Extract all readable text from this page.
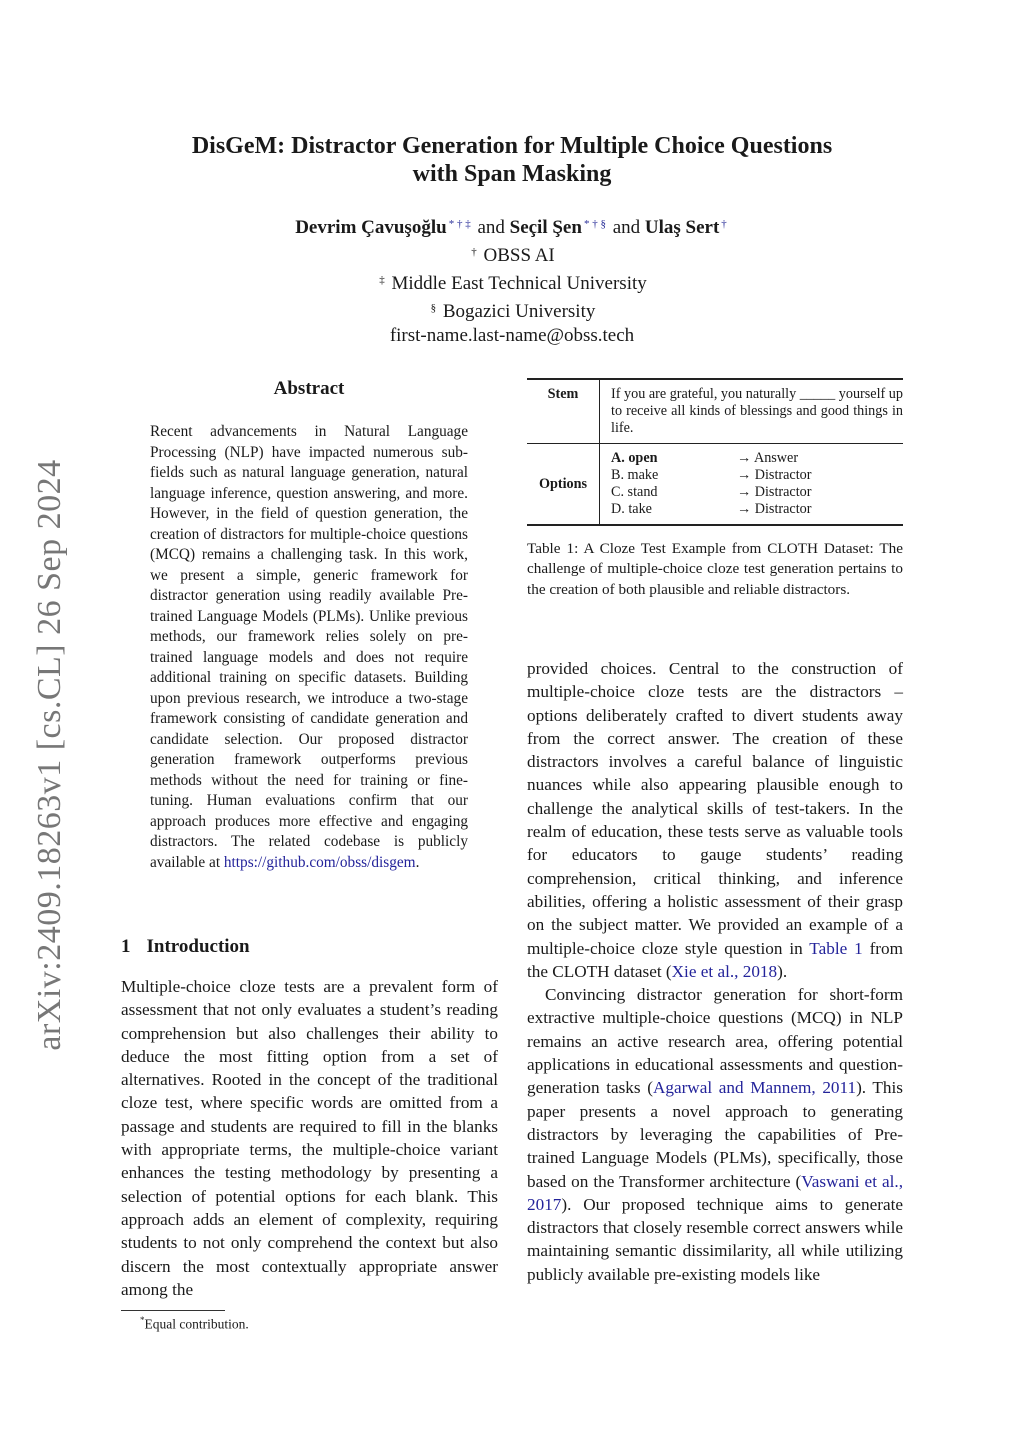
arXiv:2409.18263v1 [cs.CL] 26 Sep 2024
DisGeM: Distractor Generation for Multiple Choice Questions
with Span Masking
Devrim Çavuşoğlu * † ‡ and Seçil Şen * † § and Ulaş Sert †
† OBSS AI
‡ Middle East Technical University
§ Bogazici University
first-name.last-name@obss.tech
Abstract
Recent advancements in Natural Language Processing (NLP) have impacted numerous sub-fields such as natural language generation, natural language inference, question answering, and more. However, in the field of question generation, the creation of distractors for multiple-choice questions (MCQ) remains a challenging task. In this work, we present a simple, generic framework for distractor generation using readily available Pre-trained Language Models (PLMs). Unlike previous methods, our framework relies solely on pre-trained language models and does not require additional training on specific datasets. Building upon previous research, we introduce a two-stage framework consisting of candidate generation and candidate selection. Our proposed distractor generation framework outperforms previous methods without the need for training or fine-tuning. Human evaluations confirm that our approach produces more effective and engaging distractors. The related codebase is publicly available at https://github.com/obss/disgem.
Stem	If you are grateful, you naturally _____ yourself up to receive all kinds of blessings and good things in life.
Options
A. open	→ Answer
B. make	→ Distractor
C. stand	→ Distractor
D. take	→ Distractor
Table 1: A Cloze Test Example from CLOTH Dataset: The challenge of multiple-choice cloze test generation pertains to the creation of both plausible and reliable distractors.
1 Introduction
Multiple-choice cloze tests are a prevalent form of assessment that not only evaluates a student’s reading comprehension but also challenges their ability to deduce the most fitting option from a set of alternatives. Rooted in the concept of the traditional cloze test, where specific words are omitted from a passage and students are required to fill in the blanks with appropriate terms, the multiple-choice variant enhances the testing methodology by presenting a selection of potential options for each blank. This approach adds an element of complexity, requiring students to not only comprehend the context but also discern the most contextually appropriate answer among the

provided choices. Central to the construction of multiple-choice cloze tests are the distractors – options deliberately crafted to divert students away from the correct answer. The creation of these distractors involves a careful balance of linguistic nuances while also appearing plausible enough to challenge the analytical skills of test-takers. In the realm of education, these tests serve as valuable tools for educators to gauge students’ reading comprehension, critical thinking, and inference abilities, offering a holistic assessment of their grasp on the subject matter. We provided an example of a multiple-choice cloze style question in Table 1 from the CLOTH dataset (Xie et al., 2018).

Convincing distractor generation for short-form extractive multiple-choice questions (MCQ) in NLP remains an active research area, offering potential applications in educational assessments and question-generation tasks (Agarwal and Mannem, 2011). This paper presents a novel approach to generating distractors by leveraging the capabilities of Pre-trained Language Models (PLMs), specifically, those based on the Transformer architecture (Vaswani et al., 2017). Our proposed technique aims to generate distractors that closely resemble correct answers while maintaining semantic dissimilarity, all while utilizing publicly available pre-existing models like

*Equal contribution.
